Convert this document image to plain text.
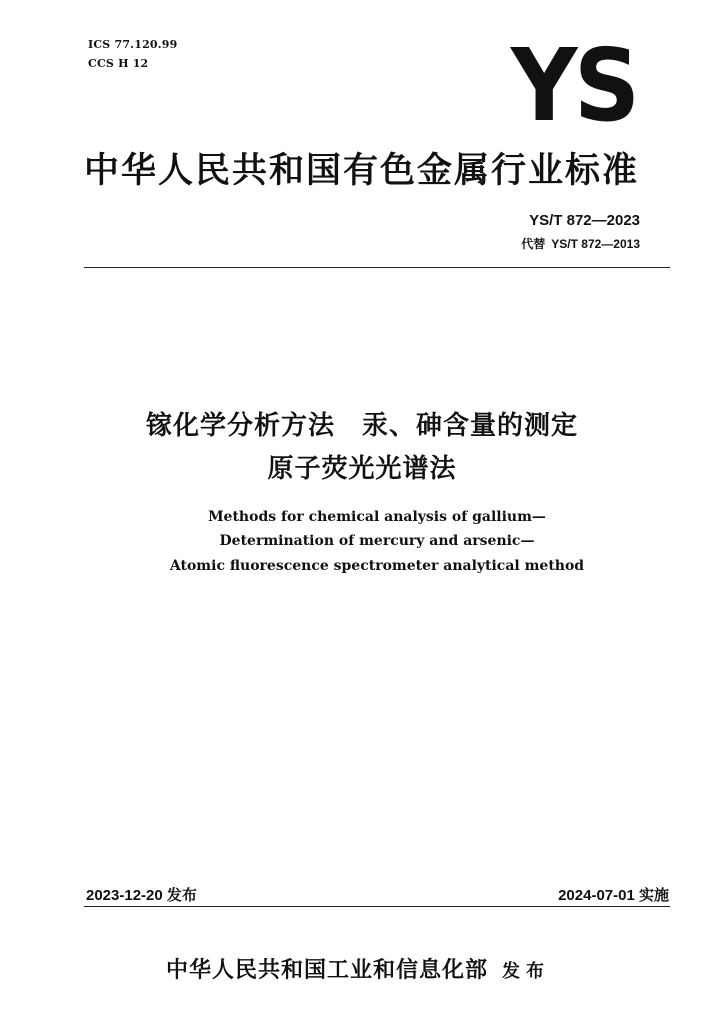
ICS 77.120.99
CCS H 12	YS
中华人民共和国有色金属行业标准
YS/T 872—2023
代替 YS/T 872—2013
镓化学分析方法　汞、砷含量的测定
原子荧光光谱法
Methods for chemical analysis of gallium—
Determination of mercury and arsenic—
Atomic fluorescence spectrometer analytical method
2023-12-20 发布	2024-07-01 实施
中华人民共和国工业和信息化部 发布
